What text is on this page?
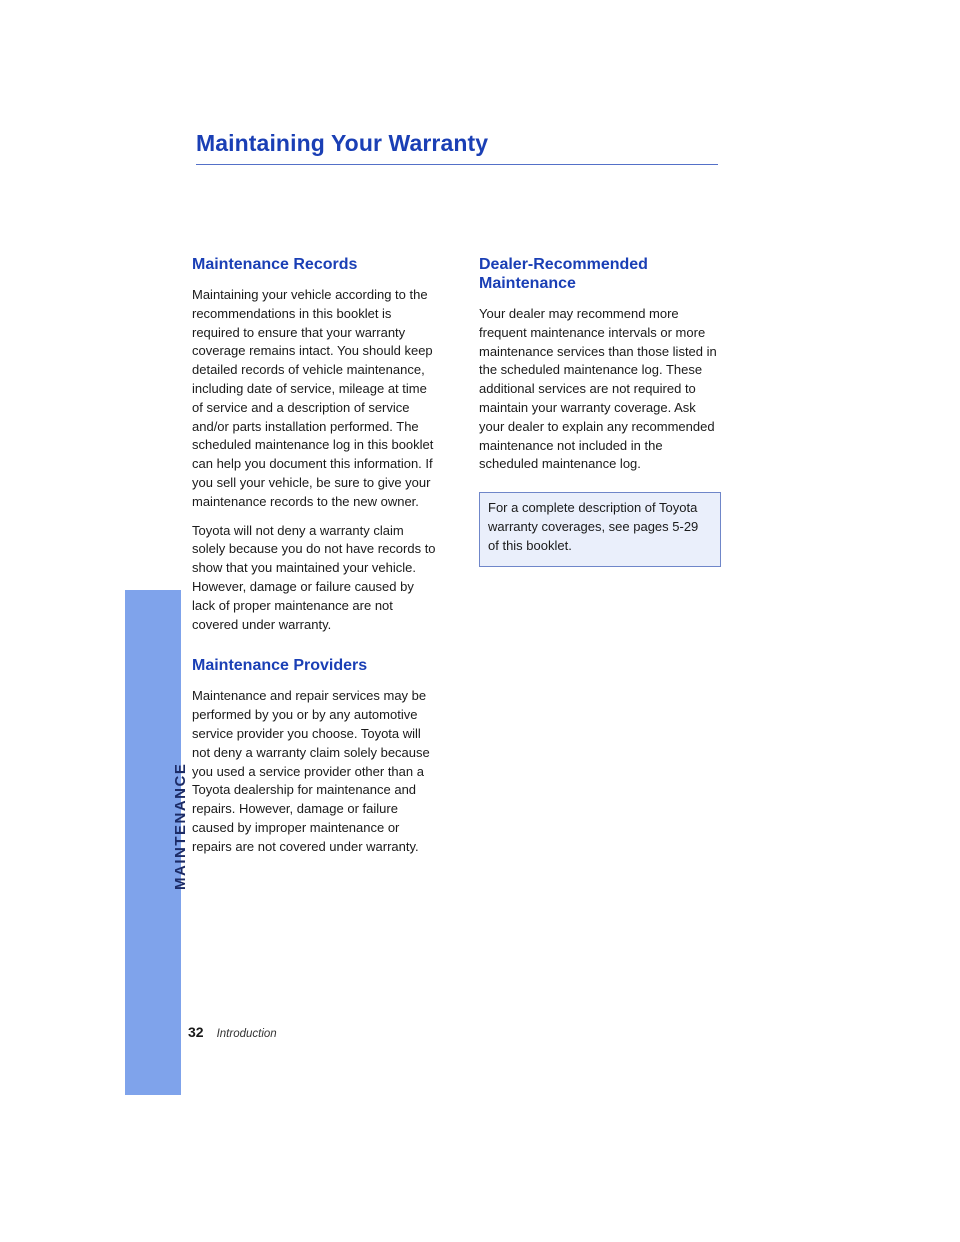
Maintaining Your Warranty
MAINTENANCE
Maintenance Records

Maintaining your vehicle according to the recommendations in this booklet is required to ensure that your warranty coverage remains intact. You should keep detailed records of vehicle maintenance, including date of service, mileage at time of service and a description of service and/or parts installation performed. The scheduled maintenance log in this booklet can help you document this information. If you sell your vehicle, be sure to give your maintenance records to the new owner.

Toyota will not deny a warranty claim solely because you do not have records to show that you maintained your vehicle. However, damage or failure caused by lack of proper maintenance are not covered under warranty.

Maintenance Providers

Maintenance and repair services may be performed by you or by any automotive service provider you choose. Toyota will not deny a warranty claim solely because you used a service provider other than a Toyota dealership for maintenance and repairs. However, damage or failure caused by improper maintenance or repairs are not covered under warranty.

Dealer-Recommended Maintenance

Your dealer may recommend more frequent maintenance intervals or more maintenance services than those listed in the scheduled maintenance log. These additional services are not required to maintain your warranty coverage. Ask your dealer to explain any recommended maintenance not included in the scheduled maintenance log.

For a complete description of Toyota warranty coverages, see pages 5-29 of this booklet.

32 Introduction
